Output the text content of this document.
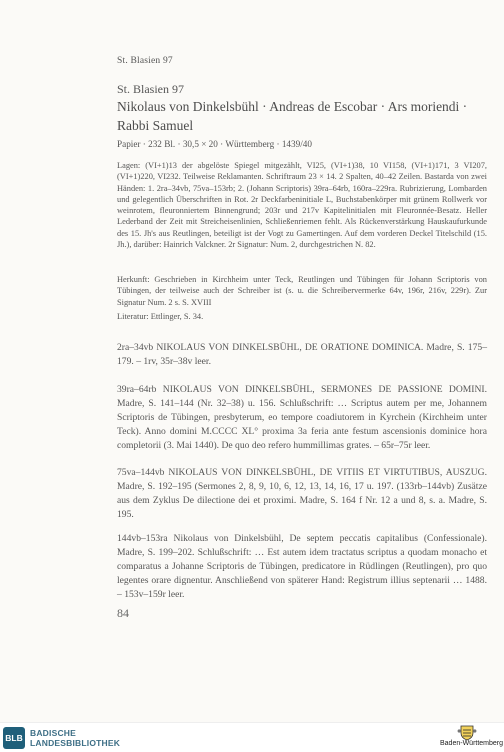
St. Blasien 97
St. Blasien 97
Nikolaus von Dinkelsbühl · Andreas de Escobar · Ars moriendi ·
Rabbi Samuel
Papier · 232 Bl. · 30,5 × 20 · Württemberg · 1439/40
Lagen: (VI+1)13 der abgelöste Spiegel mitgezählt, VI25, (VI+1)38, 10 VI158, (VI+1)171, 3 VI207, (VI+1)220, VI232. Teilweise Reklamanten. Schriftraum 23 × 14. 2 Spalten, 40–42 Zeilen. Bastarda von zwei Händen: 1. 2ra–34vb, 75va–153rb; 2. (Johann Scriptoris) 39ra–64rb, 160ra–229ra. Rubrizierung, Lombarden und gelegentlich Überschriften in Rot. 2r Deckfarbeninitiale L, Buchstabenkörper mit grünem Rollwerk vor weinrotem, fleuronniertem Binnengrund; 203r und 217v Kapitelinitialen mit Fleuronnée-Besatz. Heller Lederband der Zeit mit Streicheisenlinien, Schließenriemen fehlt. Als Rückenverstärkung Hauskaufurkunde des 15. Jh's aus Reutlingen, beteiligt ist der Vogt zu Gamertingen. Auf dem vorderen Deckel Titelschild (15. Jh.), darüber: Hainrich Valckner. 2r Signatur: Num. 2, durchgestrichen N. 82.
Herkunft: Geschrieben in Kirchheim unter Teck, Reutlingen und Tübingen für Johann Scriptoris von Tübingen, der teilweise auch der Schreiber ist (s. u. die Schreibervermerke 64v, 196r, 216v, 229r). Zur Signatur Num. 2 s. S. XVIII
Literatur: Ettlinger, S. 34.
2ra–34vb NIKOLAUS VON DINKELSBÜHL, DE ORATIONE DOMINICA. Madre, S. 175–179. – 1rv, 35r–38v leer.
39ra–64rb NIKOLAUS VON DINKELSBÜHL, SERMONES DE PASSIONE DOMINI. Madre, S. 141–144 (Nr. 32–38) u. 156. Schlußschrift: … Scriptus autem per me, Johannem Scriptoris de Tübingen, presbyterum, eo tempore coadiutorem in Kyrchein (Kirchheim unter Teck). Anno domini M.CCCC XL° proxima 3a feria ante festum ascensionis dominice hora completorii (3. Mai 1440). De quo deo refero hummillimas grates. – 65r–75r leer.
75va–144vb NIKOLAUS VON DINKELSBÜHL, DE VITIIS ET VIRTUTIBUS, AUSZUG. Madre, S. 192–195 (Sermones 2, 8, 9, 10, 6, 12, 13, 14, 16, 17 u. 197. (133rb–144vb) Zusätze aus dem Zyklus De dilectione dei et proximi. Madre, S. 164 f Nr. 12 a und 8, s. a. Madre, S. 195.
144vb–153ra Nikolaus von Dinkelsbühl, De septem peccatis capitalibus (Confessionale). Madre, S. 199–202. Schlußschrift: … Est autem idem tractatus scriptus a quodam monacho et comparatus a Johanne Scriptoris de Tübingen, predicatore in Rüdlingen (Reutlingen), pro quo legentes orare dignentur. Anschließend von späterer Hand: Registrum illius septenarii … 1488. – 153v–159r leer.
84
BLB BADISCHE
LANDESBIBLIOTHEK	Baden-Württemberg
